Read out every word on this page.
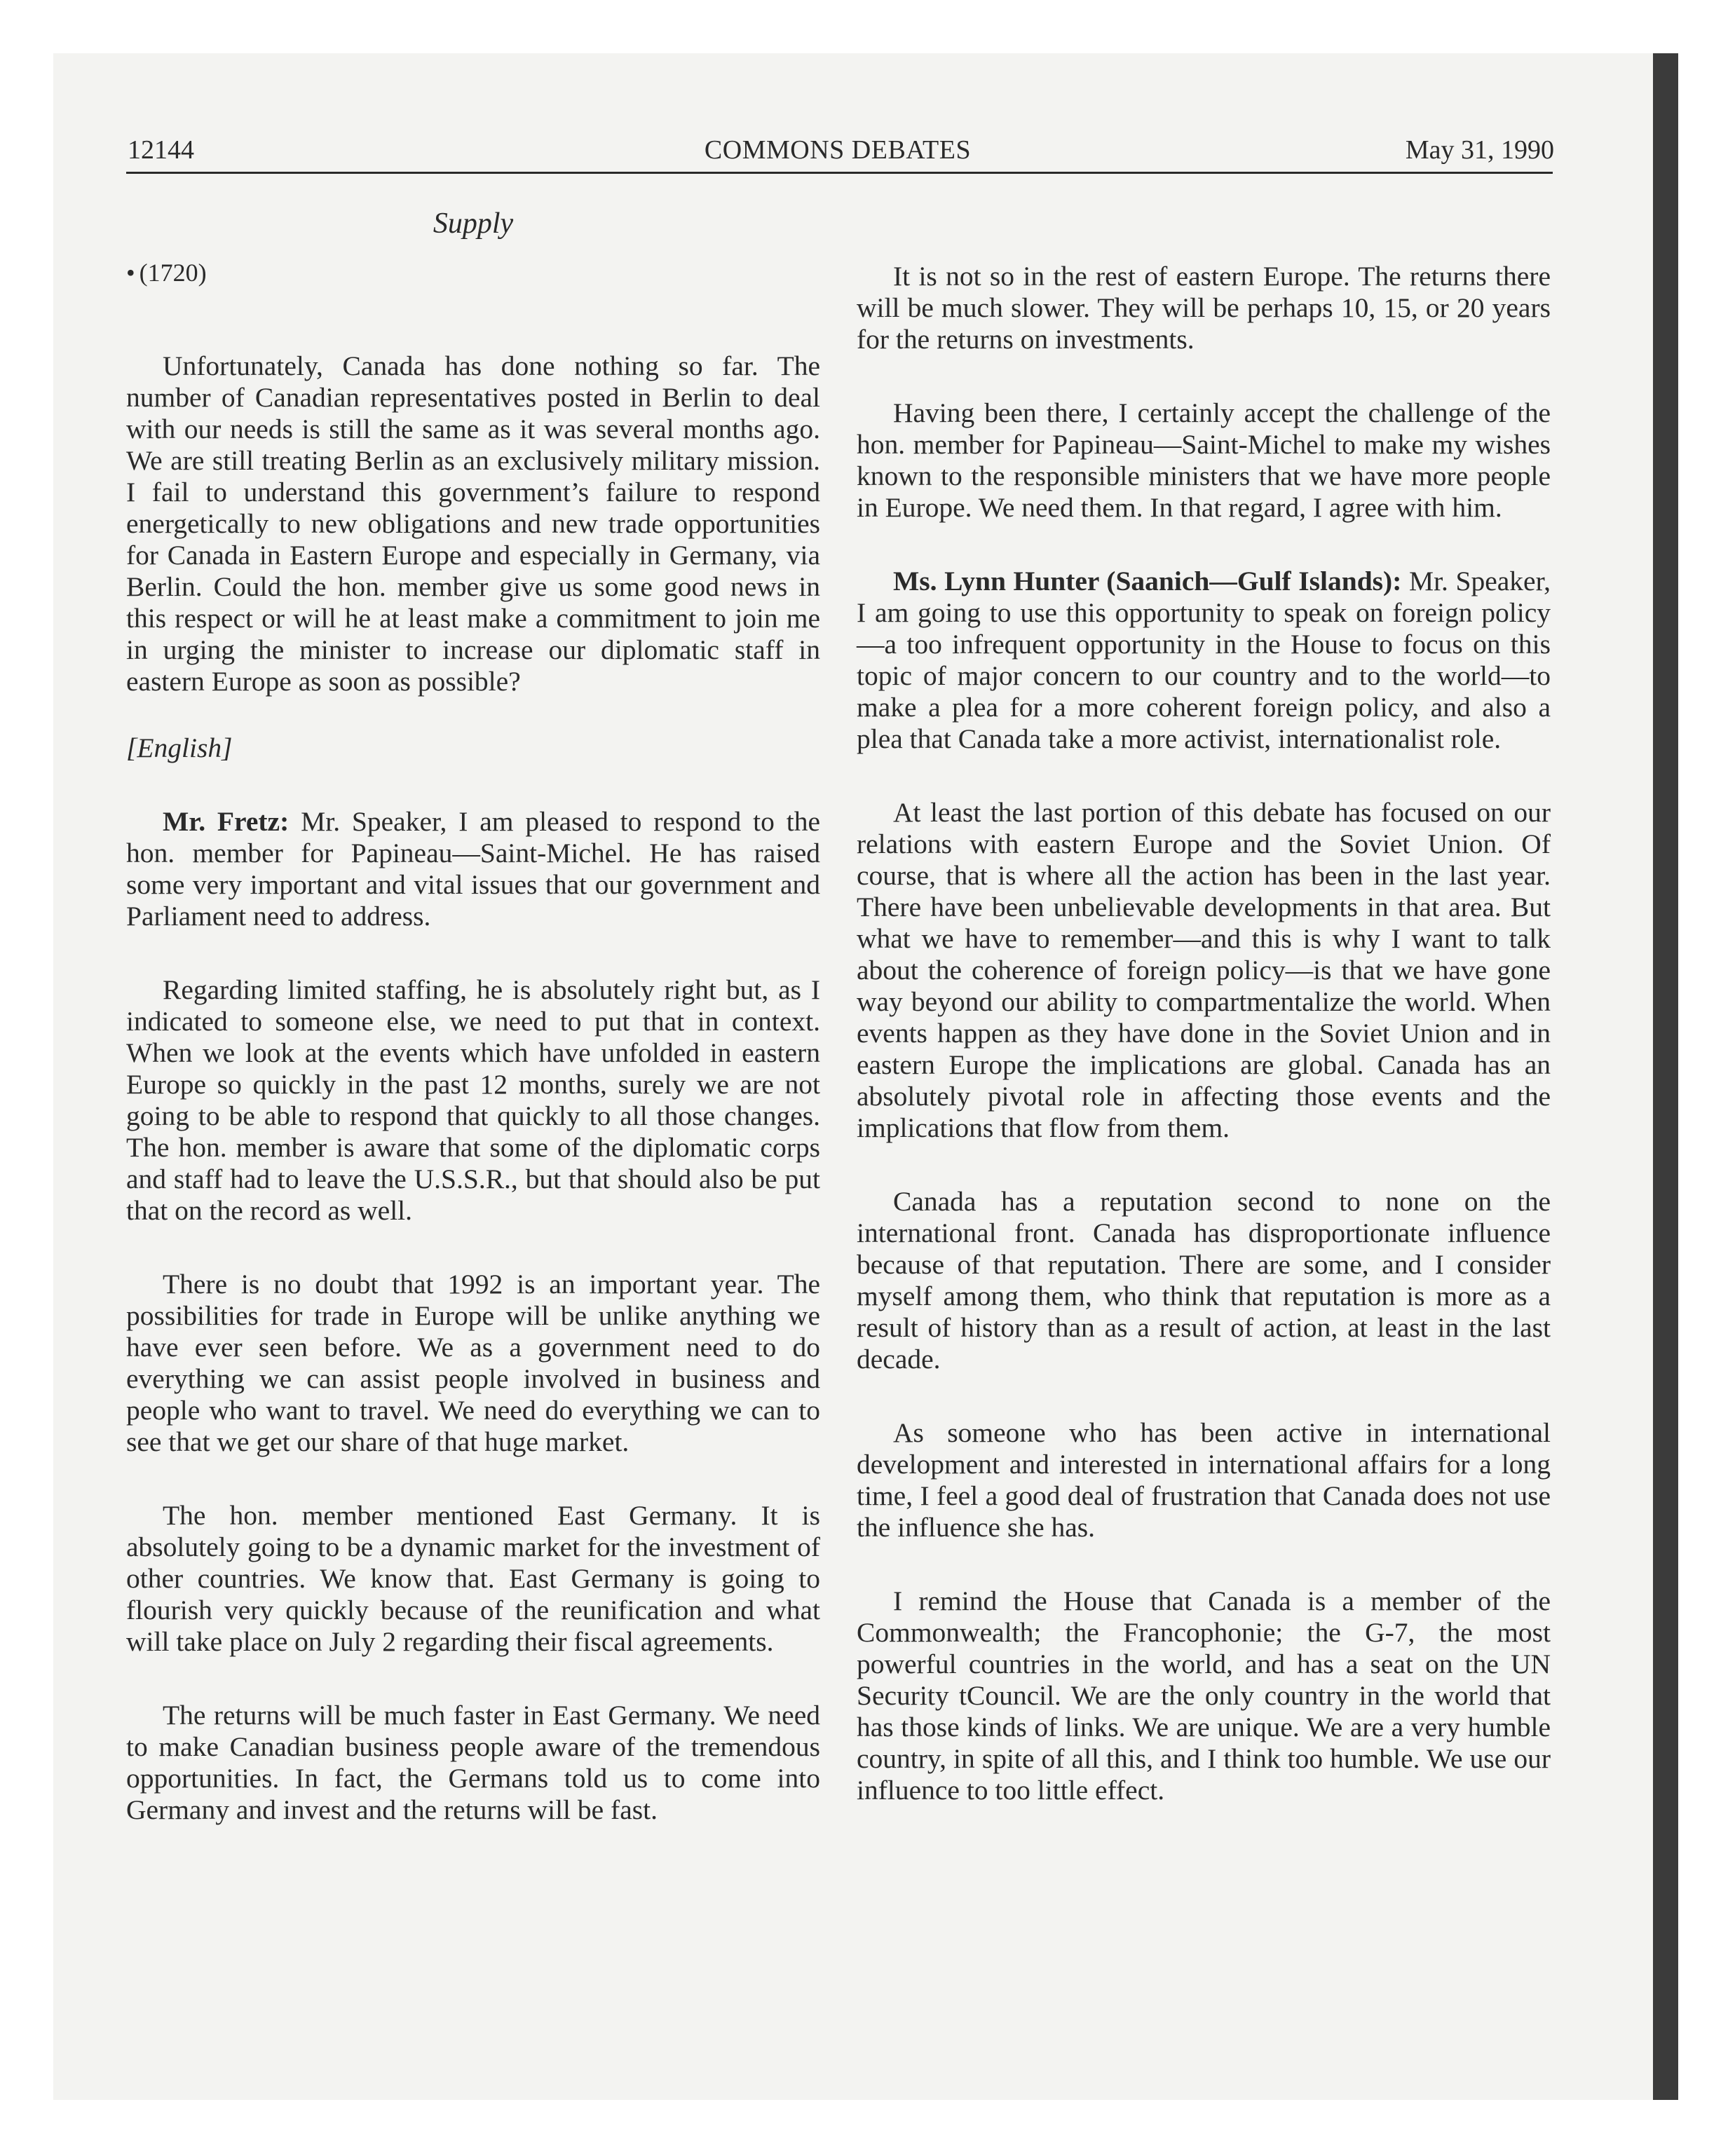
12144	COMMONS DEBATES	May 31, 1990
Supply
• (1720)

Unfortunately, Canada has done nothing so far. The number of Canadian representatives posted in Berlin to deal with our needs is still the same as it was several months ago. We are still treating Berlin as an exclusively military mission. I fail to understand this government’s failure to respond energetically to new obligations and new trade opportunities for Canada in Eastern Europe and especially in Germany, via Berlin. Could the hon. member give us some good news in this respect or will he at least make a commitment to join me in urging the minister to increase our diplomatic staff in eastern Europe as soon as possible?

[English]

Mr. Fretz: Mr. Speaker, I am pleased to respond to the hon. member for Papineau—Saint-Michel. He has raised some very important and vital issues that our government and Parliament need to address.

Regarding limited staffing, he is absolutely right but, as I indicated to someone else, we need to put that in context. When we look at the events which have unfolded in eastern Europe so quickly in the past 12 months, surely we are not going to be able to respond that quickly to all those changes. The hon. member is aware that some of the diplomatic corps and staff had to leave the U.S.S.R., but that should also be put that on the record as well.

There is no doubt that 1992 is an important year. The possibilities for trade in Europe will be unlike anything we have ever seen before. We as a government need to do everything we can assist people involved in business and people who want to travel. We need do everything we can to see that we get our share of that huge market.

The hon. member mentioned East Germany. It is absolutely going to be a dynamic market for the investment of other countries. We know that. East Germany is going to flourish very quickly because of the reunification and what will take place on July 2 regarding their fiscal agreements.

The returns will be much faster in East Germany. We need to make Canadian business people aware of the tremendous opportunities. In fact, the Germans told us to come into Germany and invest and the returns will be fast.

It is not so in the rest of eastern Europe. The returns there will be much slower. They will be perhaps 10, 15, or 20 years for the returns on investments.

Having been there, I certainly accept the challenge of the hon. member for Papineau—Saint-Michel to make my wishes known to the responsible ministers that we have more people in Europe. We need them. In that regard, I agree with him.

Ms. Lynn Hunter (Saanich—Gulf Islands): Mr. Speaker, I am going to use this opportunity to speak on foreign policy—a too infrequent opportunity in the House to focus on this topic of major concern to our country and to the world—to make a plea for a more coherent foreign policy, and also a plea that Canada take a more activist, internationalist role.

At least the last portion of this debate has focused on our relations with eastern Europe and the Soviet Union. Of course, that is where all the action has been in the last year. There have been unbelievable developments in that area. But what we have to remember—and this is why I want to talk about the coherence of foreign policy—is that we have gone way beyond our ability to compartmentalize the world. When events happen as they have done in the Soviet Union and in eastern Europe the implications are global. Canada has an absolutely pivotal role in affecting those events and the implications that flow from them.

Canada has a reputation second to none on the international front. Canada has disproportionate influence because of that reputation. There are some, and I consider myself among them, who think that reputation is more as a result of history than as a result of action, at least in the last decade.

As someone who has been active in international development and interested in international affairs for a long time, I feel a good deal of frustration that Canada does not use the influence she has.

I remind the House that Canada is a member of the Commonwealth; the Francophonie; the G-7, the most powerful countries in the world, and has a seat on the UN Security tCouncil. We are the only country in the world that has those kinds of links. We are unique. We are a very humble country, in spite of all this, and I think too humble. We use our influence to too little effect.
